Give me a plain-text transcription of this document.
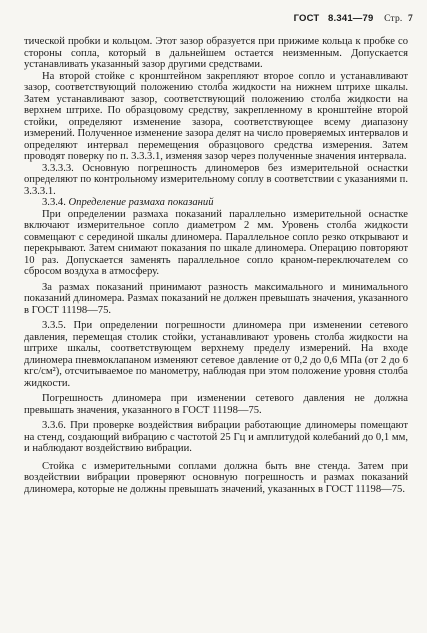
ГОСТ 8.341—79 Стр. 7

тической пробки и кольцом. Этот зазор образуется при прижиме кольца к пробке со стороны сопла, который в дальнейшем остается неизменным. Допускается устанавливать указанный зазор другими средствами.

На второй стойке с кронштейном закрепляют второе сопло и устанавливают зазор, соответствующий положению столба жидкости на нижнем штрихе шкалы. Затем устанавливают зазор, соответствующий положению столба жидкости на верхнем штрихе. По образцовому средству, закрепленному в кронштейне второй стойки, определяют изменение зазора, соответствующее всему диапазону измерений. Полученное изменение зазора делят на число проверяемых интервалов и определяют интервал перемещения образцового средства измерения. Затем проводят поверку по п. 3.3.3.1, изменяя зазор через полученные значения интервала.

3.3.3.3. Основную погрешность длиномеров без измерительной оснастки определяют по контрольному измерительному соплу в соответствии с указаниями п. 3.3.3.1.

3.3.4. Определение размаха показаний

При определении размаха показаний параллельно измерительной оснастке включают измерительное сопло диаметром 2 мм. Уровень столба жидкости совмещают с серединой шкалы длиномера. Параллельное сопло резко открывают и перекрывают. Затем снимают показания по шкале длиномера. Операцию повторяют 10 раз. Допускается заменять параллельное сопло краном-переключателем со сбросом воздуха в атмосферу.

За размах показаний принимают разность максимального и минимального показаний длиномера. Размах показаний не должен превышать значения, указанного в ГОСТ 11198—75.

3.3.5. При определении погрешности длиномера при изменении сетевого давления, перемещая столик стойки, устанавливают уровень столба жидкости на штрихе шкалы, соответствующем верхнему пределу измерений. На входе длиномера пневмоклапаном изменяют сетевое давление от 0,2 до 0,6 МПа (от 2 до 6 кгс/см²), отсчитываемое по манометру, наблюдая при этом положение уровня столба жидкости.

Погрешность длиномера при изменении сетевого давления не должна превышать значения, указанного в ГОСТ 11198—75.

3.3.6. При проверке воздействия вибрации работающие длиномеры помещают на стенд, создающий вибрацию с частотой 25 Гц и амплитудой колебаний до 0,1 мм, и наблюдают воздействию вибрации.

Стойка с измерительными соплами должна быть вне стенда. Затем при воздействии вибрации проверяют основную погрешность и размах показаний длиномера, которые не должны превышать значений, указанных в ГОСТ 11198—75.
